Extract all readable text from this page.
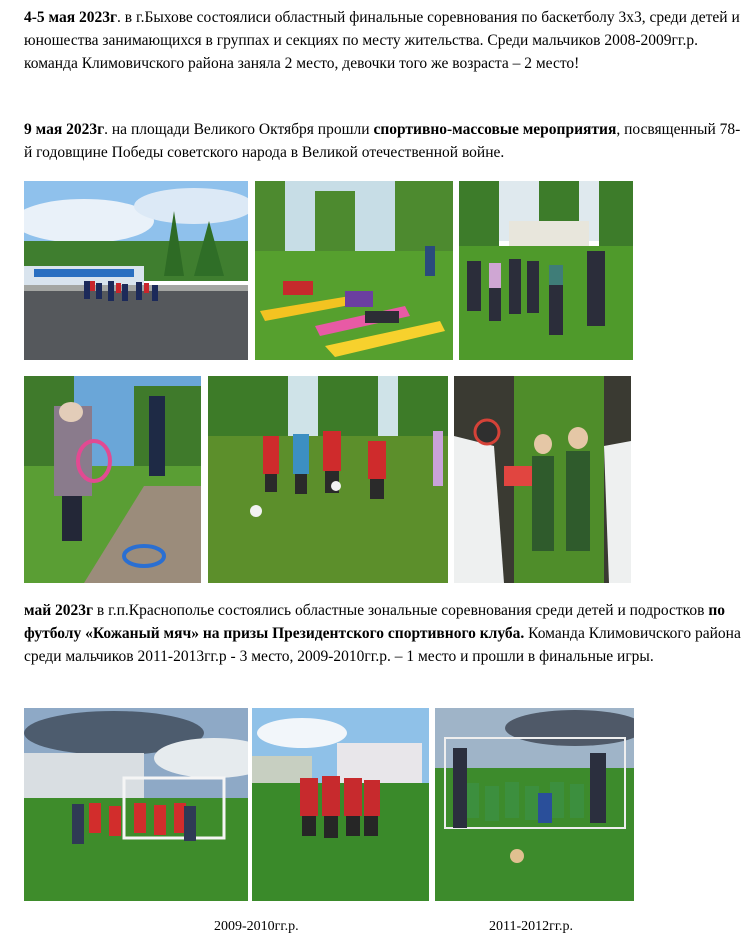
4-5 мая 2023г. в г.Быхове состоялиси областный финальные соревнования по баскетболу 3х3, среди детей и юношества занимающихся в группах и секциях по месту жительства. Среди мальчиков 2008-2009гг.р. команда Климовичского района заняла 2 место, девочки того же возраста – 2 место!

9 мая 2023г. на площади Великого Октября прошли спортивно-массовые мероприятия, посвященный 78-й годовщине Победы советского народа в Великой отечественной войне.

май 2023г в г.п.Краснополье состоялись областные зональные соревнования среди детей и подростков по футболу «Кожаный мяч» на призы Президентского спортивного клуба. Команда Климовичского района среди мальчиков 2011-2013гг.р - 3 место, 2009-2010гг.р. – 1 место и прошли в финальные игры.

2009-2010гг.р.	2011-2012гг.р.
